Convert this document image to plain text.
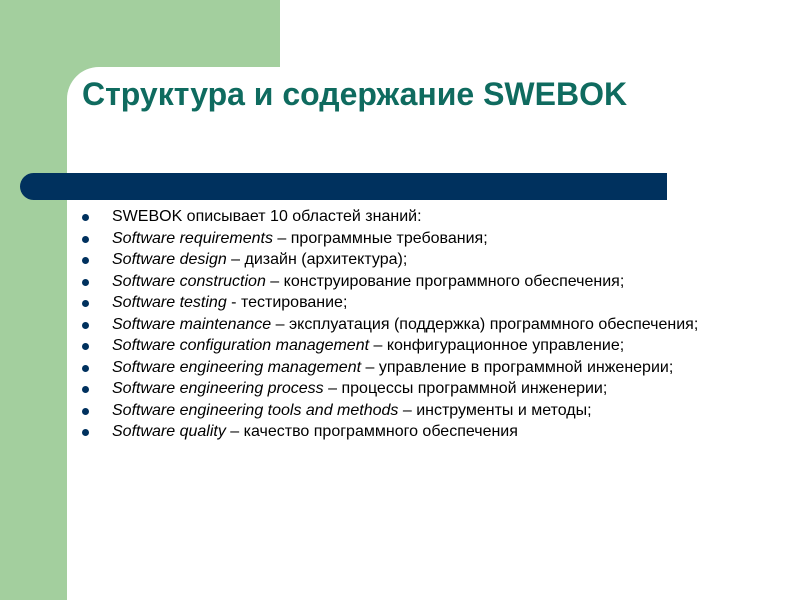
Структура и содержание SWEBOK
SWEBOK описывает 10 областей знаний:
Software requirements – программные требования;
Software design – дизайн (архитектура);
Software construction – конструирование программного обеспечения;
Software testing - тестирование;
Software maintenance – эксплуатация (поддержка) программного обеспечения;
Software configuration management – конфигурационное управление;
Software engineering management – управление в программной инженерии;
Software engineering process – процессы программной инженерии;
Software engineering tools and methods – инструменты и методы;
Software quality – качество программного обеспечения
